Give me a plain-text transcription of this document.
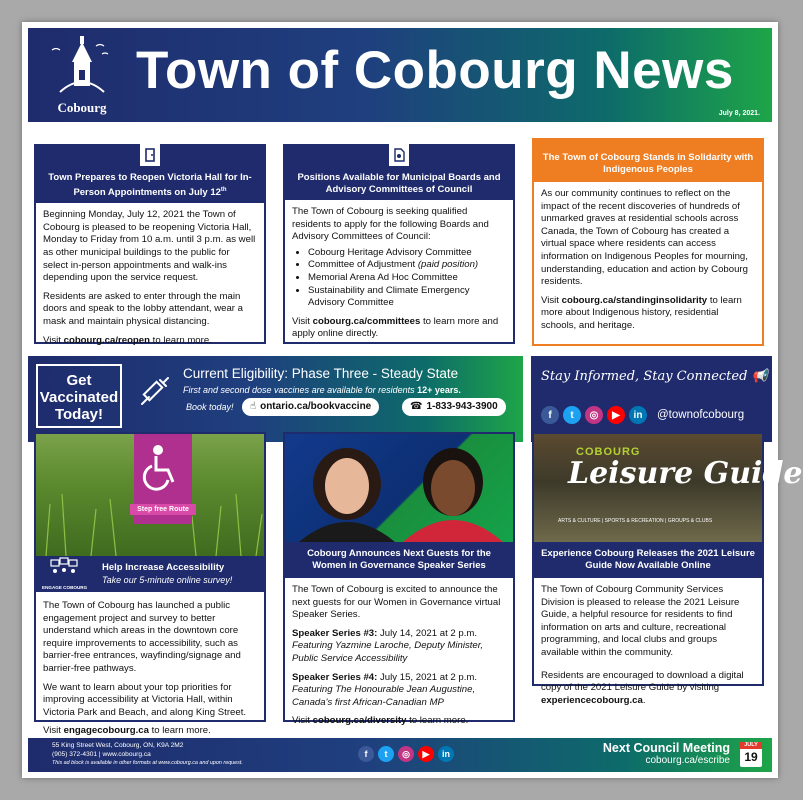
Cobourg
Town of Cobourg News
July 8, 2021.
Town Prepares to Reopen Victoria Hall for In-Person Appointments on July 12th

Beginning Monday, July 12, 2021 the Town of Cobourg is pleased to be reopening Victoria Hall, Monday to Friday from 10 a.m. until 3 p.m. as well as other municipal buildings to the public for select in-person appointments and walk-ins depending upon the service request.

Residents are asked to enter through the main doors and speak to the lobby attendant, wear a mask and maintain physical distancing.

Visit cobourg.ca/reopen to learn more.

Positions Available for Municipal Boards and Advisory Committees of Council

The Town of Cobourg is seeking qualified residents to apply for the following Boards and Advisory Committees of Council:

• Cobourg Heritage Advisory Committee
• Committee of Adjustment (paid position)
• Memorial Arena Ad Hoc Committee
• Sustainability and Climate Emergency Advisory Committee

Visit cobourg.ca/committees to learn more and apply online directly.

The Town of Cobourg Stands in Solidarity with Indigenous Peoples

As our community continues to reflect on the impact of the recent discoveries of hundreds of unmarked graves at residential schools across Canada, the Town of Cobourg has created a virtual space where residents can access information on Indigenous Peoples for mourning, understanding, education and action by Cobourg residents.

Visit cobourg.ca/standinginsolidarity to learn more about Indigenous history, residential schools, and heritage.

Get Vaccinated Today!
Current Eligibility: Phase Three - Steady State
First and second dose vaccines are available for residents 12+ years.
Book today! ☝ ontario.ca/bookvaccine	☎ 1-833-943-3900
Stay Informed, Stay Connected 📢
f	t	◎	▶	in	@townofcobourg
Step free Route
ENGAGE COBOURG
Help Increase Accessibility
Take our 5-minute online survey!

The Town of Cobourg has launched a public engagement project and survey to better understand which areas in the downtown core require improvements to accessibility, such as barrier-free entrances, wayfinding/signage and barrier-free pathways.

We want to learn about your top priorities for improving accessibility at Victoria Hall, within Victoria Park and Beach, and along King Street.

Visit engagecobourg.ca to learn more.

Cobourg Announces Next Guests for the Women in Governance Speaker Series

The Town of Cobourg is excited to announce the next guests for our Women in Governance virtual Speaker Series.

Speaker Series #3: July 14, 2021 at 2 p.m.
Featuring Yazmine Laroche, Deputy Minister, Public Service Accessibility

Speaker Series #4: July 15, 2021 at 2 p.m.
Featuring The Honourable Jean Augustine, Canada's first African-Canadian MP

Visit cobourg.ca/diversity to learn more.

COBOURG
Leisure Guide
ARTS & CULTURE | SPORTS & RECREATION | GROUPS & CLUBS
Experience Cobourg Releases the 2021 Leisure Guide Now Available Online

The Town of Cobourg Community Services Division is pleased to release the 2021 Leisure Guide, a helpful resource for residents to find information on arts and culture, recreational programming, and local clubs and groups available within the community.

Residents are encouraged to download a digital copy of the 2021 Leisure Guide by visiting experiencecobourg.ca.

55 King Street West, Cobourg, ON, K9A 2M2
(905) 372-4301 | www.cobourg.ca
This ad block is available in other formats at www.cobourg.ca and upon request.
f	t	◎	▶	in	Next Council Meeting
cobourg.ca/escribe
JULY
19
